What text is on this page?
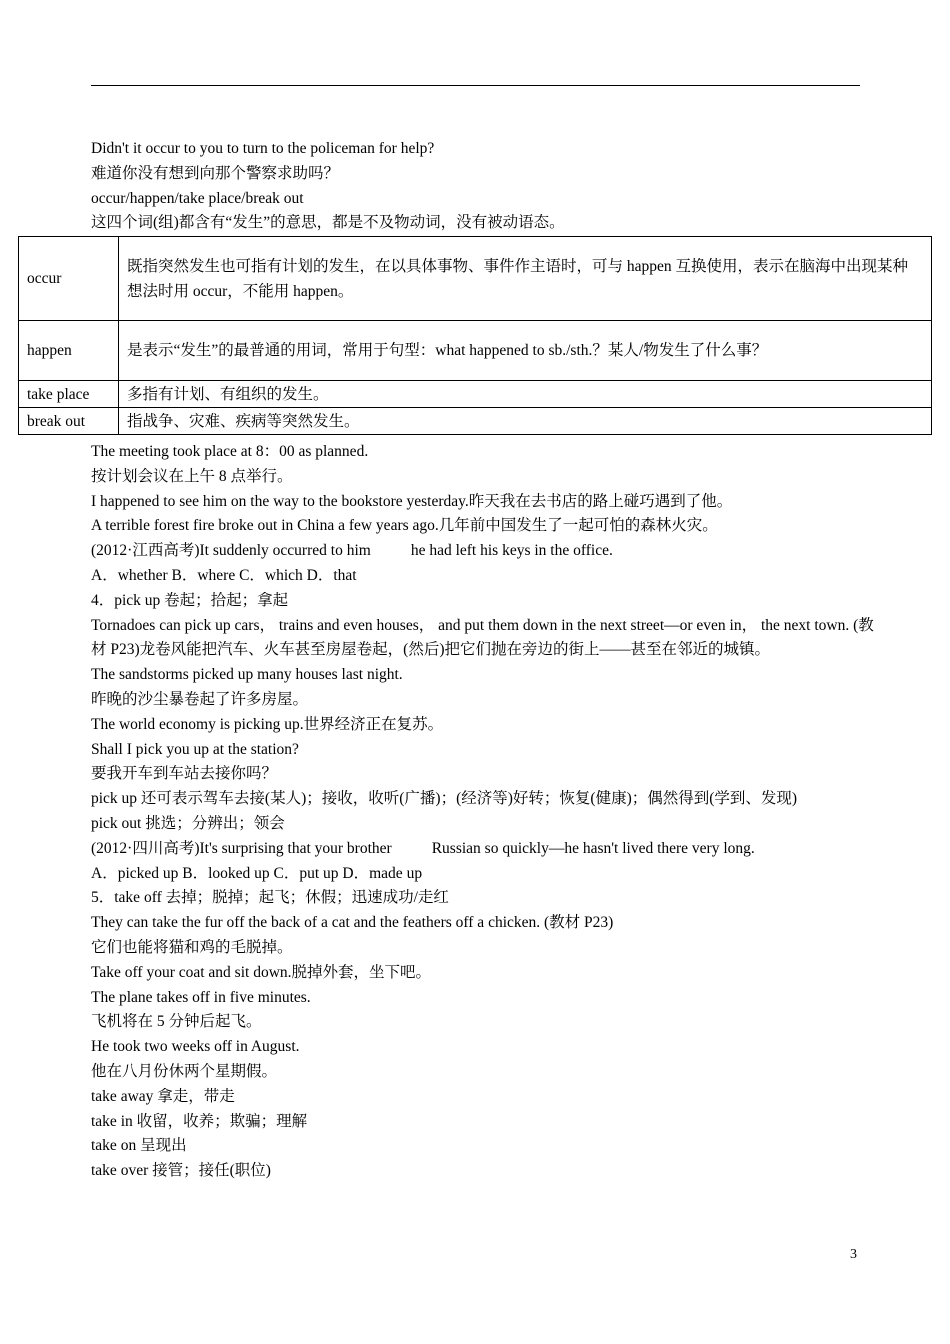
Didn't it occur to you to turn to the policeman for help?
难道你没有想到向那个警察求助吗？
occur/happen/take place/break out
这四个词(组)都含有“发生”的意思，都是不及物动词，没有被动语态。
occur	既指突然发生也可指有计划的发生，在以具体事物、事件作主语时，可与 happen 互换使用，表示在脑海中出现某种想法时用 occur，不能用 happen。
happen	是表示“发生”的最普通的用词，常用于句型：what happened to sb./sth.？某人/物发生了什么事？
take place	多指有计划、有组织的发生。
break out	指战争、灾难、疾病等突然发生。
The meeting took place at 8：00 as planned.
按计划会议在上午 8 点举行。
I happened to see him on the way to the bookstore yesterday.昨天我在去书店的路上碰巧遇到了他。
A terrible forest fire broke out in China a few years ago.几年前中国发生了一起可怕的森林火灾。
(2012·江西高考)It suddenly occurred to him	he had left his keys in the office.
A．whether B．where C．which D．that
4．pick up 卷起；拾起；拿起
Tornadoes can pick up cars， trains and even houses， and put them down in the next street—or even in， the next town. (教材 P23)龙卷风能把汽车、火车甚至房屋卷起，(然后)把它们抛在旁边的街上——甚至在邻近的城镇。
The sandstorms picked up many houses last night.
昨晚的沙尘暴卷起了许多房屋。
The world economy is picking up.世界经济正在复苏。
Shall I pick you up at the station?
要我开车到车站去接你吗？
pick up 还可表示驾车去接(某人)；接收，收听(广播)；(经济等)好转；恢复(健康)；偶然得到(学到、发现)
pick out 挑选；分辨出；领会
(2012·四川高考)It's surprising that your brother	Russian so quickly—he hasn't lived there very long.
A．picked up B．looked up C．put up D．made up
5．take off 去掉；脱掉；起飞；休假；迅速成功/走红
They can take the fur off the back of a cat and the feathers off a chicken. (教材 P23)
它们也能将猫和鸡的毛脱掉。
Take off your coat and sit down.脱掉外套，坐下吧。
The plane takes off in five minutes.
飞机将在 5 分钟后起飞。
He took two weeks off in August.
他在八月份休两个星期假。
take away 拿走，带走
take in 收留，收养；欺骗；理解
take on 呈现出
take over 接管；接任(职位)
3
